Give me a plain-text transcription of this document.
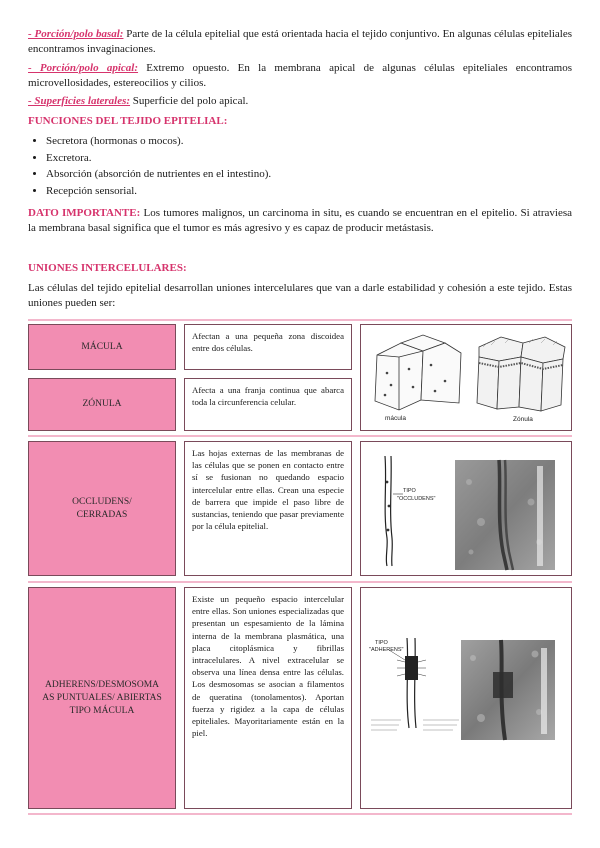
- Porción/polo basal: Parte de la célula epitelial que está orientada hacia el tejido conjuntivo. En algunas células epiteliales encontramos invaginaciones.
- Porción/polo apical: Extremo opuesto. En la membrana apical de algunas células epiteliales encontramos microvellosidades, estereocilios y cilios.
- Superficies laterales: Superficie del polo apical.
FUNCIONES DEL TEJIDO EPITELIAL:
• Secretora (hormonas o mocos).
• Excretora.
• Absorción (absorción de nutrientes en el intestino).
• Recepción sensorial.
DATO IMPORTANTE: Los tumores malignos, un carcinoma in situ, es cuando se encuentran en el epitelio. Si atraviesa la membrana basal significa que el tumor es más agresivo y es capaz de producir metástasis.
UNIONES INTERCELULARES:
Las células del tejido epitelial desarrollan uniones intercelulares que van a darle estabilidad y cohesión a este tejido. Estas uniones pueden ser:
MÁCULA
Afectan a una pequeña zona discoidea entre dos células.
ZÓNULA
Afecta a una franja continua que abarca toda la circunferencia celular.
mácula	Zónula
OCCLUDENS/
CERRADAS
Las hojas externas de las membranas de las células que se ponen en contacto entre sí se fusionan no quedando espacio intercelular entre ellas. Crean una especie de barrera que impide el paso libre de sustancias, teniendo que pasar previamente por la célula epitelial.
TIPO
"OCCLUDENS"
ADHERENS/DESMOSOMA
AS PUNTUALES/ ABIERTAS
TIPO MÁCULA
Existe un pequeño espacio intercelular entre ellas. Son uniones especializadas que presentan un espesamiento de la lámina interna de la membrana plasmática, una placa citoplásmica y fibrillas intracelulares. A nivel extracelular se observa una línea densa entre las células. Los desmosomas se asocian a filamentos de queratina (tonolamentos). Aportan fuerza y rigidez a la capa de células epiteliales. Mayoritariamente están en la piel.
TIPO
"ADHERENS"
